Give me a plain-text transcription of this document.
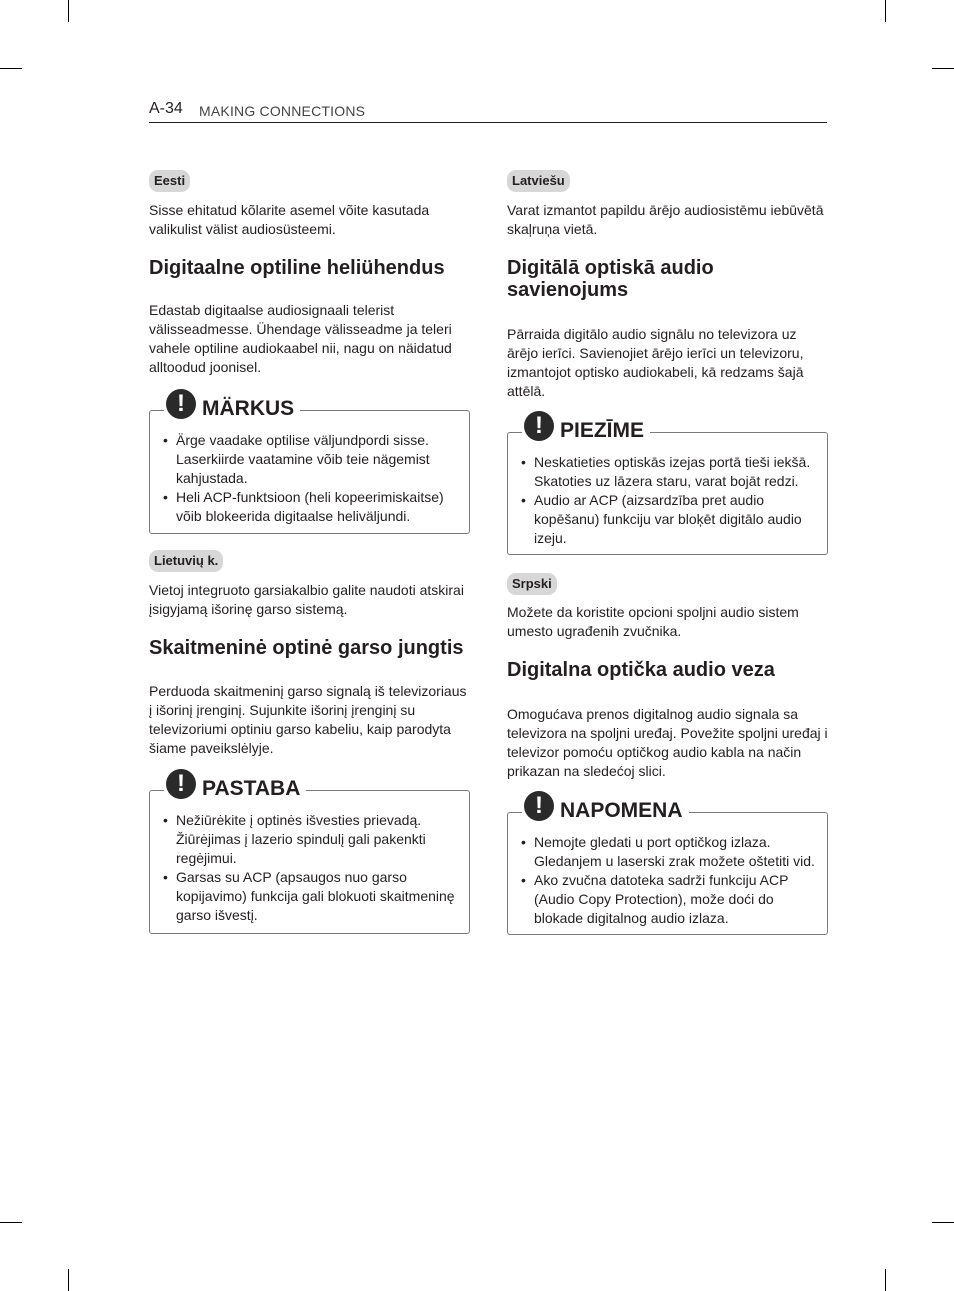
A-34 MAKING CONNECTIONS
Eesti

Sisse ehitatud kõlarite asemel võite kasutada valikulist välist audiosüsteemi.

Digitaalne optiline heliühendus

Edastab digitaalse audiosignaali telerist välisseadmesse. Ühendage välisseadme ja teleri vahele optiline audiokaabel nii, nagu on näidatud alltoodud joonisel.

! MÄRKUS
• Ärge vaadake optilise väljundpordi sisse. Laserkiirde vaatamine võib teie nägemist kahjustada.
• Heli ACP-funktsioon (heli kopeerimiskaitse) võib blokeerida digitaalse heliväljundi.
Lietuvių k.

Vietoj integruoto garsiakalbio galite naudoti atskirai įsigyjamą išorinę garso sistemą.

Skaitmeninė optinė garso jungtis

Perduoda skaitmeninį garso signalą iš televizoriaus į išorinį įrenginį. Sujunkite išorinį įrenginį su televizoriumi optiniu garso kabeliu, kaip parodyta šiame paveikslėlyje.

! PASTABA
• Nežiūrėkite į optinės išvesties prievadą. Žiūrėjimas į lazerio spindulį gali pakenkti regėjimui.
• Garsas su ACP (apsaugos nuo garso kopijavimo) funkcija gali blokuoti skaitmeninę garso išvestį.
Latviešu

Varat izmantot papildu ārējo audiosistēmu iebūvētā skaļruņa vietā.

Digitālā optiskā audio savienojums

Pārraida digitālo audio signālu no televizora uz ārējo ierīci. Savienojiet ārējo ierīci un televizoru, izmantojot optisko audiokabeli, kā redzams šajā attēlā.

! PIEZĪME
• Neskatieties optiskās izejas portā tieši iekšā. Skatoties uz lāzera staru, varat bojāt redzi.
• Audio ar ACP (aizsardzība pret audio kopēšanu) funkciju var bloķēt digitālo audio izeju.
Srpski

Možete da koristite opcioni spoljni audio sistem umesto ugrađenih zvučnika.

Digitalna optička audio veza

Omogućava prenos digitalnog audio signala sa televizora na spoljni uređaj. Povežite spoljni uređaj i televizor pomoću optičkog audio kabla na način prikazan na sledećoj slici.

! NAPOMENA
• Nemojte gledati u port optičkog izlaza. Gledanjem u laserski zrak možete oštetiti vid.
• Ako zvučna datoteka sadrži funkciju ACP (Audio Copy Protection), može doći do blokade digitalnog audio izlaza.
